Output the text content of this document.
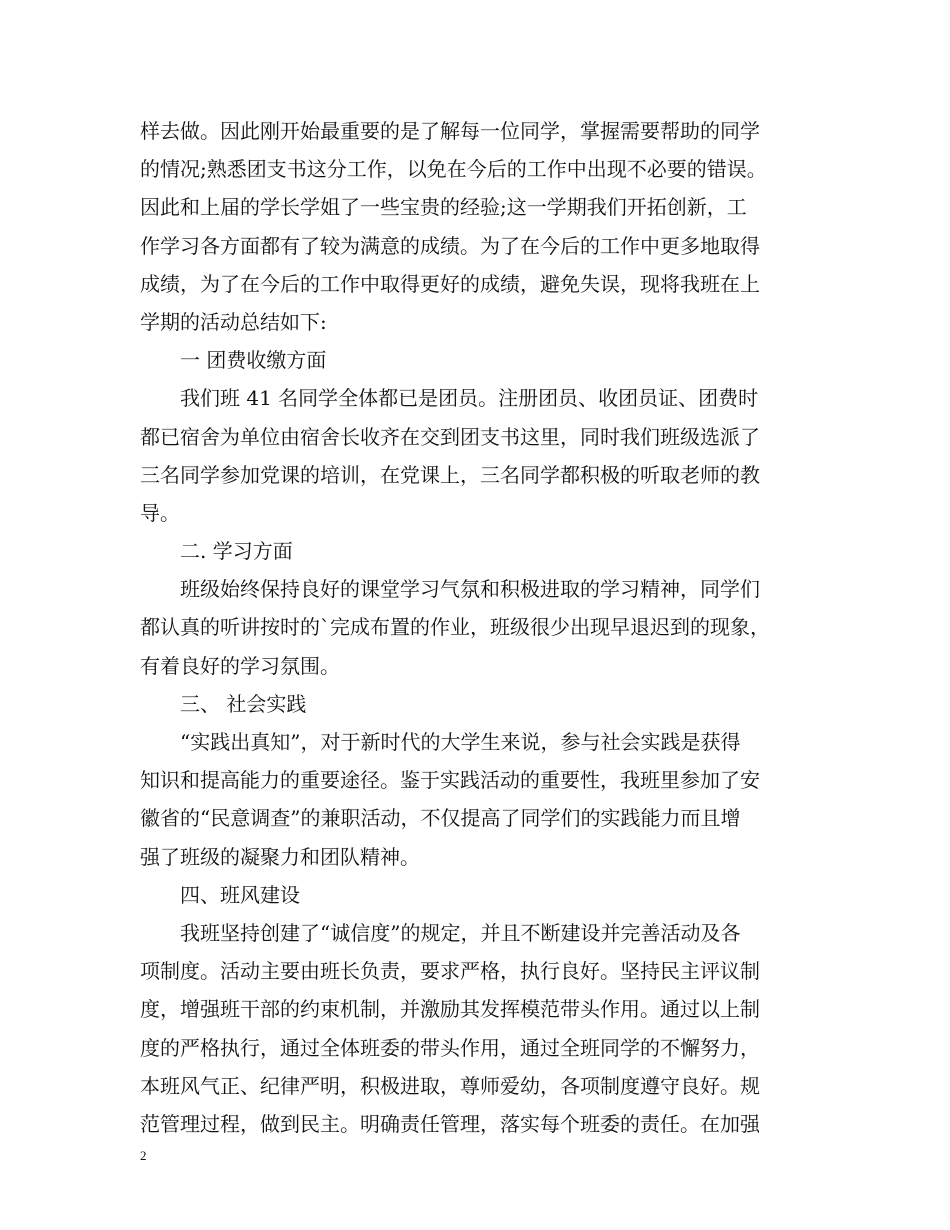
样去做。因此刚开始最重要的是了解每一位同学，掌握需要帮助的同学
的情况;熟悉团支书这分工作，以免在今后的工作中出现不必要的错误。
因此和上届的学长学姐了一些宝贵的经验;这一学期我们开拓创新，工
作学习各方面都有了较为满意的成绩。为了在今后的工作中更多地取得
成绩，为了在今后的工作中取得更好的成绩，避免失误，现将我班在上
学期的活动总结如下:
一 团费收缴方面
我们班 41 名同学全体都已是团员。注册团员、收团员证、团费时
都已宿舍为单位由宿舍长收齐在交到团支书这里，同时我们班级选派了
三名同学参加党课的培训，在党课上，三名同学都积极的听取老师的教
导。
二. 学习方面
班级始终保持良好的课堂学习气氛和积极进取的学习精神，同学们
都认真的听讲按时的`完成布置的作业，班级很少出现早退迟到的现象，
有着良好的学习氛围。
三、 社会实践
“实践出真知”，对于新时代的大学生来说，参与社会实践是获得
知识和提高能力的重要途径。鉴于实践活动的重要性，我班里参加了安
徽省的“民意调查”的兼职活动，不仅提高了同学们的实践能力而且增
强了班级的凝聚力和团队精神。
四、班风建设
我班坚持创建了“诚信度”的规定，并且不断建设并完善活动及各
项制度。活动主要由班长负责，要求严格，执行良好。坚持民主评议制
度，增强班干部的约束机制，并激励其发挥模范带头作用。通过以上制
度的严格执行，通过全体班委的带头作用，通过全班同学的不懈努力，
本班风气正、纪律严明，积极进取，尊师爱幼，各项制度遵守良好。规
范管理过程，做到民主。明确责任管理，落实每个班委的责任。在加强
2
